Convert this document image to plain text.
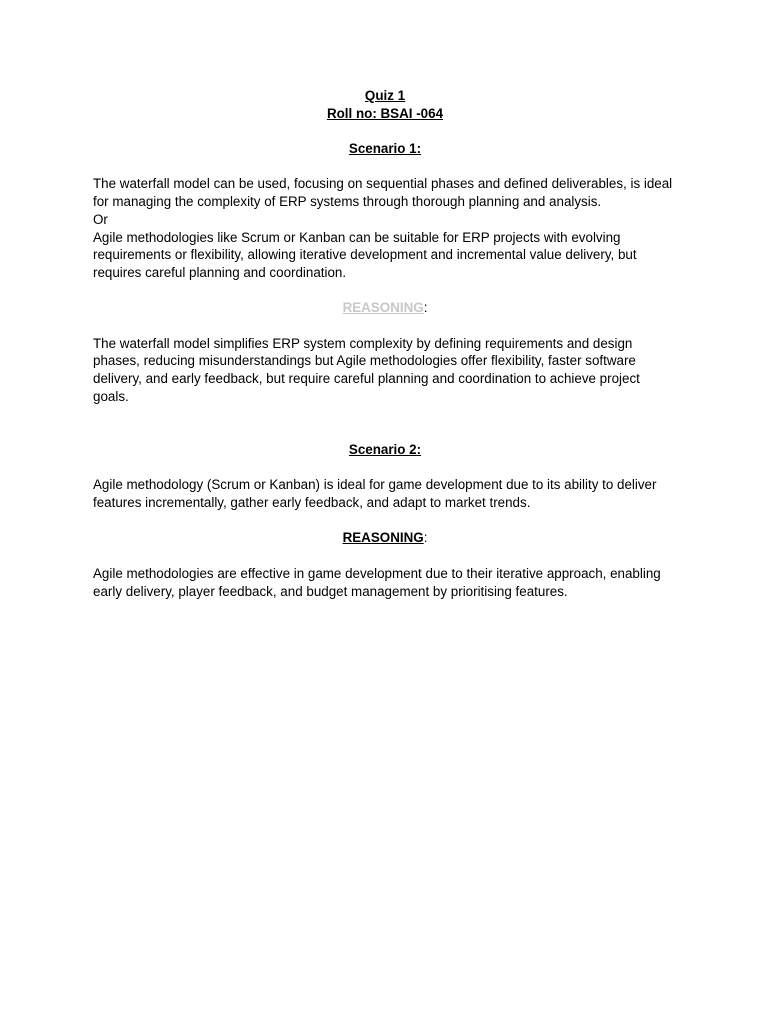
Quiz 1

Roll no: BSAI -064

Scenario 1:

The waterfall model can be used, focusing on sequential phases and defined deliverables, is ideal for managing the complexity of ERP systems through thorough planning and analysis.

Or

Agile methodologies like Scrum or Kanban can be suitable for ERP projects with evolving requirements or flexibility, allowing iterative development and incremental value delivery, but requires careful planning and coordination.

REASONING:

The waterfall model simplifies ERP system complexity by defining requirements and design phases, reducing misunderstandings but Agile methodologies offer flexibility, faster software delivery, and early feedback, but require careful planning and coordination to achieve project goals.

Scenario 2:

Agile methodology (Scrum or Kanban) is ideal for game development due to its ability to deliver features incrementally, gather early feedback, and adapt to market trends.

REASONING:

Agile methodologies are effective in game development due to their iterative approach, enabling early delivery, player feedback, and budget management by prioritising features.
